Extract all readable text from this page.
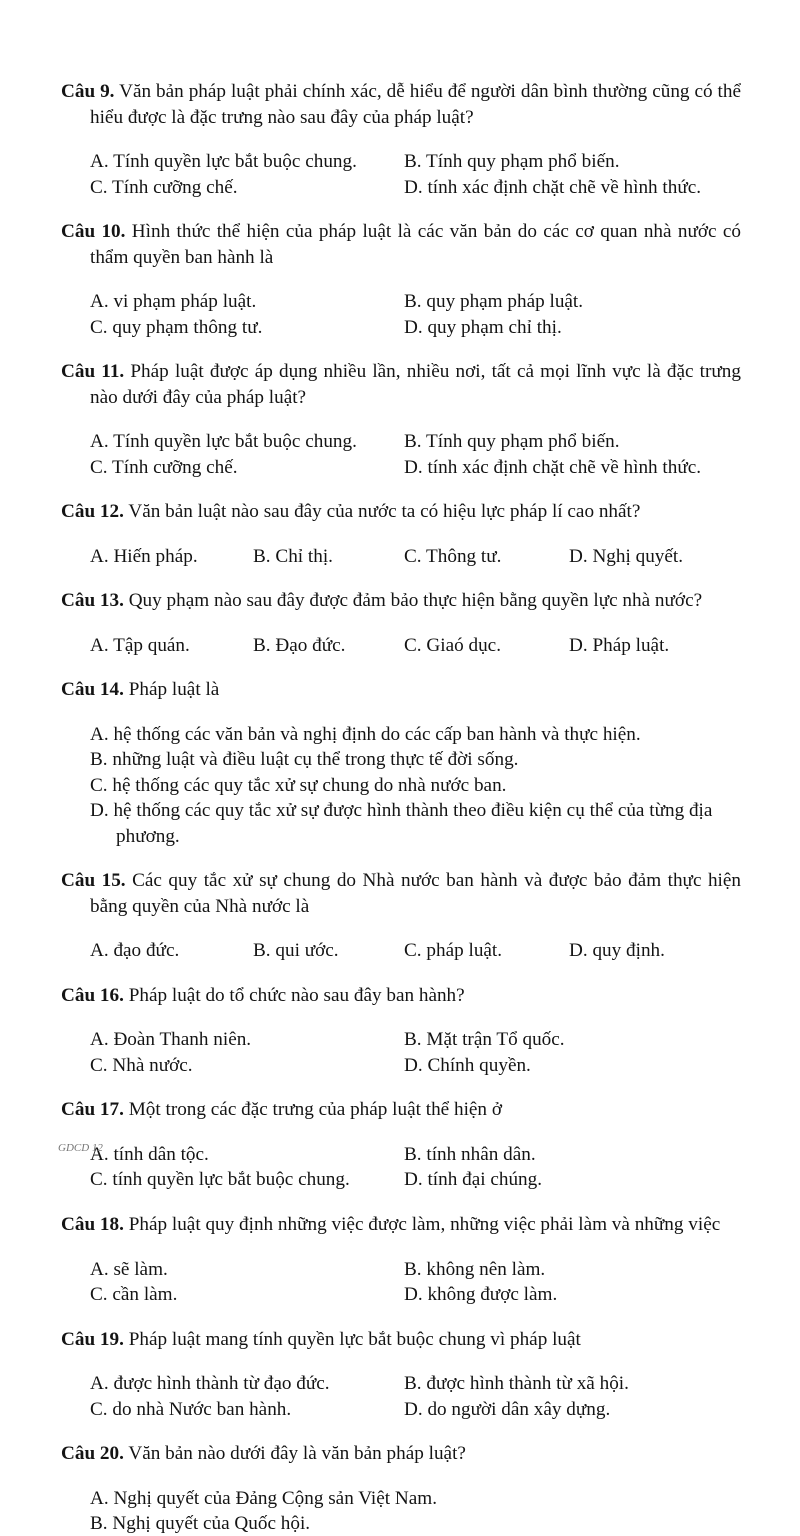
Câu 9. Văn bản pháp luật phải chính xác, dễ hiểu để người dân bình thường cũng có thể hiểu được là đặc trưng nào sau đây của pháp luật?

A. Tính quyền lực bắt buộc chung. B. Tính quy phạm phổ biến.
C. Tính cưỡng chế.	D. tính xác định chặt chẽ về hình thức.

Câu 10. Hình thức thể hiện của pháp luật là các văn bản do các cơ quan nhà nước có thẩm quyền ban hành là

A. vi phạm pháp luật.	B. quy phạm pháp luật.
C. quy phạm thông tư.	D. quy phạm chỉ thị.

Câu 11. Pháp luật được áp dụng nhiều lần, nhiều nơi, tất cả mọi lĩnh vực là đặc trưng nào dưới đây của pháp luật?

A. Tính quyền lực bắt buộc chung. B. Tính quy phạm phổ biến.
C. Tính cưỡng chế.	D. tính xác định chặt chẽ về hình thức.

Câu 12. Văn bản luật nào sau đây của nước ta có hiệu lực pháp lí cao nhất?

A. Hiến pháp.	B. Chỉ thị.	C. Thông tư.	D. Nghị quyết.

Câu 13. Quy phạm nào sau đây được đảm bảo thực hiện bằng quyền lực nhà nước?

A. Tập quán.	B. Đạo đức.	C. Giaó dục.	D. Pháp luật.

Câu 14. Pháp luật là

A. hệ thống các văn bản và nghị định do các cấp ban hành và thực hiện.
B. những luật và điều luật cụ thể trong thực tế đời sống.
C. hệ thống các quy tắc xử sự chung do nhà nước ban.
D. hệ thống các quy tắc xử sự được hình thành theo điều kiện cụ thể của từng địa phương.

Câu 15. Các quy tắc xử sự chung do Nhà nước ban hành và được bảo đảm thực hiện bằng quyền của Nhà nước là

A. đạo đức.	B. qui ước.	C. pháp luật.	D. quy định.

Câu 16. Pháp luật do tổ chức nào sau đây ban hành?

A. Đoàn Thanh niên.	B. Mặt trận Tổ quốc.
C. Nhà nước.	D. Chính quyền.

Câu 17. Một trong các đặc trưng của pháp luật thể hiện ở

A. tính dân tộc.	B. tính nhân dân.
C. tính quyền lực bắt buộc chung.	D. tính đại chúng.

Câu 18. Pháp luật quy định những việc được làm, những việc phải làm và những việc

A. sẽ làm.	B. không nên làm.
C. cần làm.	D. không được làm.

Câu 19. Pháp luật mang tính quyền lực bắt buộc chung vì pháp luật

A. được hình thành từ đạo đức.	B. được hình thành từ xã hội.
C. do nhà Nước ban hành.	D. do người dân xây dựng.

Câu 20. Văn bản nào dưới đây là văn bản pháp luật?

A. Nghị quyết của Đảng Cộng sản Việt Nam.
B. Nghị quyết của Quốc hội.
GDCD 12
